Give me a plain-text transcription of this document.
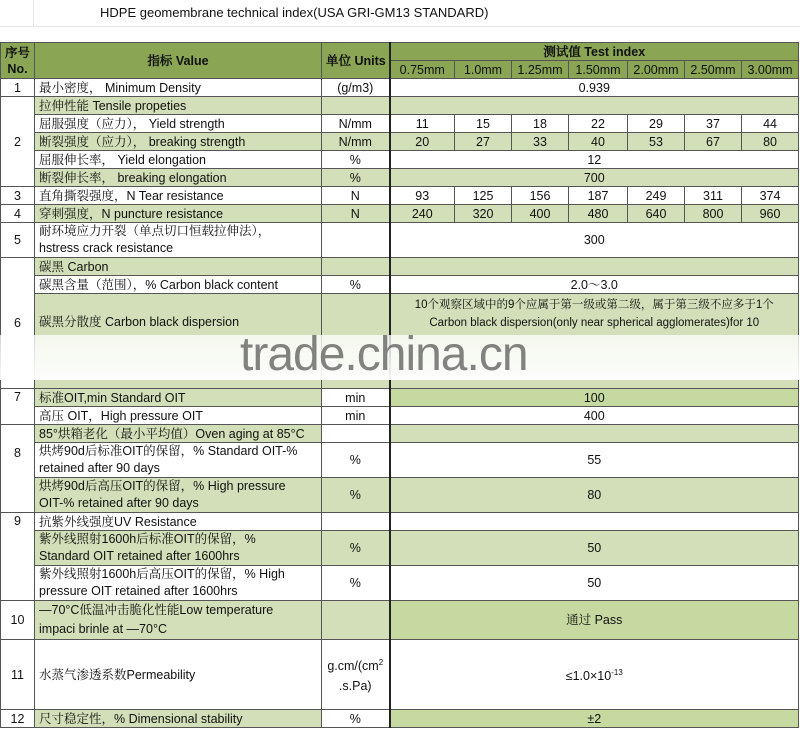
HDPE geomembrane technical index(USA GRI-GM13 STANDARD)
序号
No.	指标 Value	单位 Units	测试值 Test index						
			0.75mm	1.0mm	1.25mm	1.50mm	2.00mm	2.50mm	3.00mm
1	最小密度， Minimum Density	(g/m3)	0.939						
2	拉伸性能 Tensile propeties								
	屈服强度（应力）， Yield strength	N/mm	11	15	18	22	29	37	44
	断裂强度（应力）， breaking strength	N/mm	20	27	33	40	53	67	80
	屈服伸长率， Yield elongation	%	12						
	断裂伸长率， breaking elongation	%	700						
3	直角撕裂强度，N Tear resistance	N	93	125	156	187	249	311	374
4	穿刺强度，N puncture resistance	N	240	320	400	480	640	800	960
5	耐环境应力开裂（单点切口恒载拉伸法），
hstress crack resistance		300						
6	碳黑 Carbon								
	碳黑含量（范围），% Carbon black content	%	2.0～3.0						
	碳黑分散度 Carbon black dispersion		10个观察区域中的9个应属于第一级或第二级，属于第三级不应多于1个
Carbon black dispersion(only near spherical agglomerates)for 10						
7	标准OIT,min Standard OIT	min	100						
	高压 OIT，High pressure OIT	min	400						
8	85°烘箱老化（最小平均值）Oven aging at 85°C								
	烘烤90d后标准OIT的保留，% Standard OIT-%
retained after 90 days	%	55						
	烘烤90d后高压OIT的保留，% High pressure
OIT-% retained after 90 days	%	80						
9	抗紫外线强度UV Resistance								
	紫外线照射1600h后标准OIT的保留，%
Standard OIT retained after 1600hrs	%	50						
	紫外线照射1600h后高压OIT的保留，% High
pressure OIT retained after 1600hrs	%	50						
10	—70°C低温冲击脆化性能Low temperature
impaci brinle at —70°C		通过 Pass						
11	水蒸气渗透系数Permeability	$g.cm/(cm^2$
.s.Pa)	$\le 1.0\times 10^{-13}$
12	尺寸稳定性，% Dimensional stability	%	±2						
trade.china.cn
